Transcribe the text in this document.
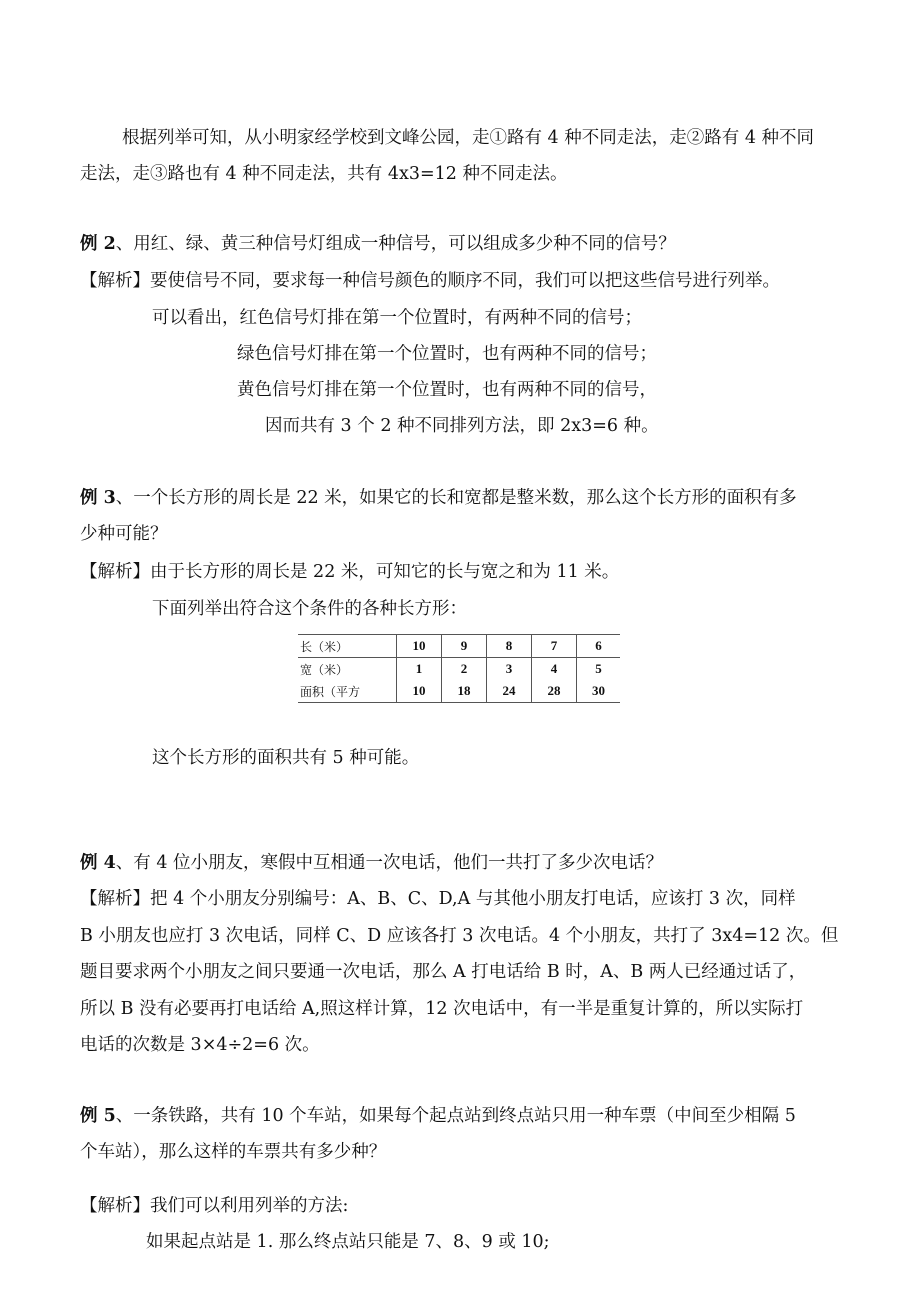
根据列举可知，从小明家经学校到文峰公园，走①路有 4 种不同走法，走②路有 4 种不同
走法，走③路也有 4 种不同走法，共有 4x3=12 种不同走法。
例 2、用红、绿、黄三种信号灯组成一种信号，可以组成多少种不同的信号？
【解析】要使信号不同，要求每一种信号颜色的顺序不同，我们可以把这些信号进行列举。
可以看出，红色信号灯排在第一个位置时，有两种不同的信号；
绿色信号灯排在第一个位置时，也有两种不同的信号；
黄色信号灯排在第一个位置时，也有两种不同的信号，
因而共有 3 个 2 种不同排列方法，即 2x3=6 种。
例 3、一个长方形的周长是 22 米，如果它的长和宽都是整米数，那么这个长方形的面积有多
少种可能？
【解析】由于长方形的周长是 22 米，可知它的长与宽之和为 11 米。
下面列举出符合这个条件的各种长方形：
长（米）	10	9	8	7	6
宽（米）	1	2	3	4	5
面积（平方	10	18	24	28	30
这个长方形的面积共有 5 种可能。
例 4、有 4 位小朋友，寒假中互相通一次电话，他们一共打了多少次电话？
【解析】把 4 个小朋友分别编号：A、B、C、D,A 与其他小朋友打电话，应该打 3 次，同样
B 小朋友也应打 3 次电话，同样 C、D 应该各打 3 次电话。4 个小朋友，共打了 3x4=12 次。但
题目要求两个小朋友之间只要通一次电话，那么 A 打电话给 B 时，A、B 两人已经通过话了，
所以 B 没有必要再打电话给 A,照这样计算，12 次电话中，有一半是重复计算的，所以实际打
电话的次数是 3×4÷2=6 次。
例 5、一条铁路，共有 10 个车站，如果每个起点站到终点站只用一种车票（中间至少相隔 5
个车站），那么这样的车票共有多少种？
【解析】我们可以利用列举的方法:
如果起点站是 1. 那么终点站只能是 7、8、9 或 10;
